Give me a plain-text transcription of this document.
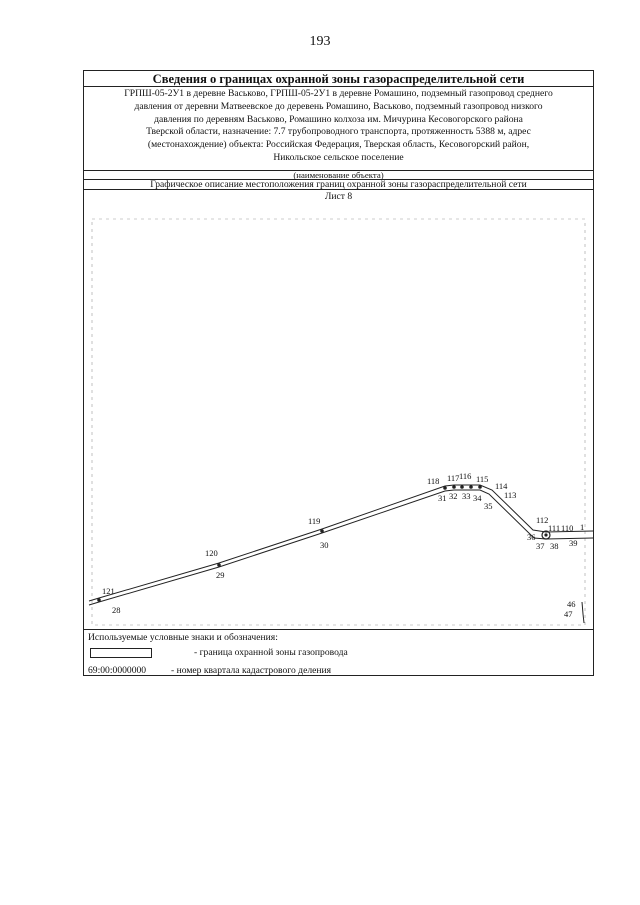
193
Сведения о границах охранной зоны газораспределительной сети
ГРПШ-05-2У1 в деревне Васьково, ГРПШ-05-2У1 в деревне Ромашино, подземный газопровод среднего
давления от деревни Матвеевское до деревень Ромашино, Васьково, подземный газопровод низкого
давления по деревням Васьково, Ромашино колхоза им. Мичурина Кесовогорского района
Тверской области, назначение: 7.7 трубопроводного транспорта, протяженность 5388 м, адрес
(местонахождение) объекта: Российская Федерация, Тверская область, Кесовогорский район,
Никольское сельское поселение
(наименование объекта)
Графическое описание местоположения границ охранной зоны газораспределительной сети
Лист 8
121
28
120
29
119
30
118 117 116 115
114
113
31 32 33 34
35
112
111 110 1
36
37 38 39
46
47
Используемые условные знаки и обозначения:
- граница охранной зоны газопровода
69:00:0000000	- номер квартала кадастрового деления
